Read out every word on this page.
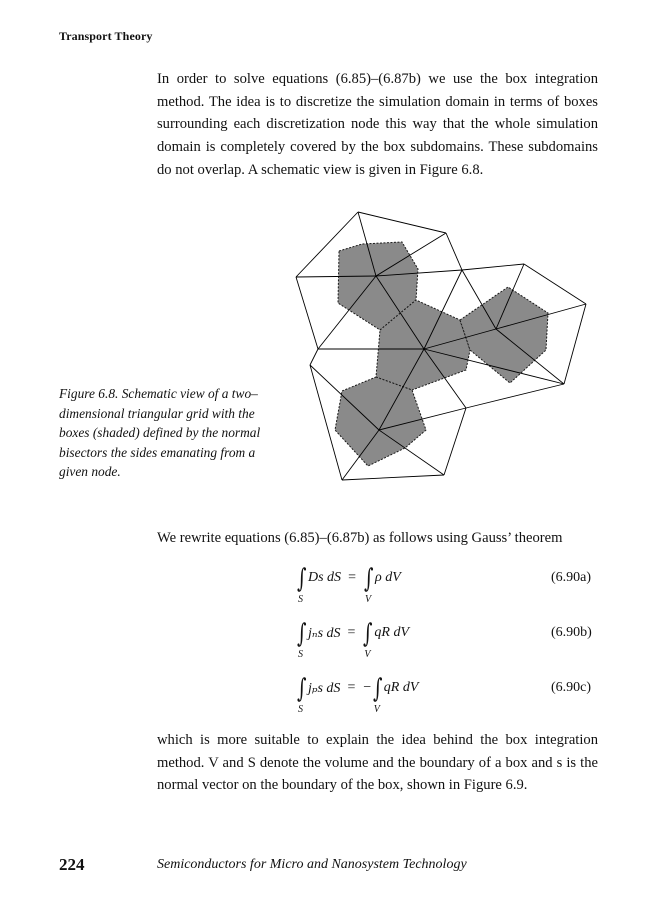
Transport Theory

In order to solve equations (6.85)–(6.87b) we use the box integration method. The idea is to discretize the simulation domain in terms of boxes surrounding each discretization node this way that the whole simulation domain is completely covered by the box subdomains. These subdomains do not overlap. A schematic view is given in Figure 6.8.

Figure 6.8. Schematic view of a two–dimensional triangular grid with the boxes (shaded) defined by the normal bisectors the sides emanating from a given node.

We rewrite equations (6.85)–(6.87b) as follows using Gauss’ theorem

∫
S
Ds dS = ∫
V
ρ dV	(6.90a)
∫
S
jₙs dS = ∫
V
qR dV	(6.90b)
∫
S
jₚs dS = − ∫
V
qR dV	(6.90c)

which is more suitable to explain the idea behind the box integration method. V and S denote the volume and the boundary of a box and s is the normal vector on the boundary of the box, shown in Figure 6.9.

224	Semiconductors for Micro and Nanosystem Technology
